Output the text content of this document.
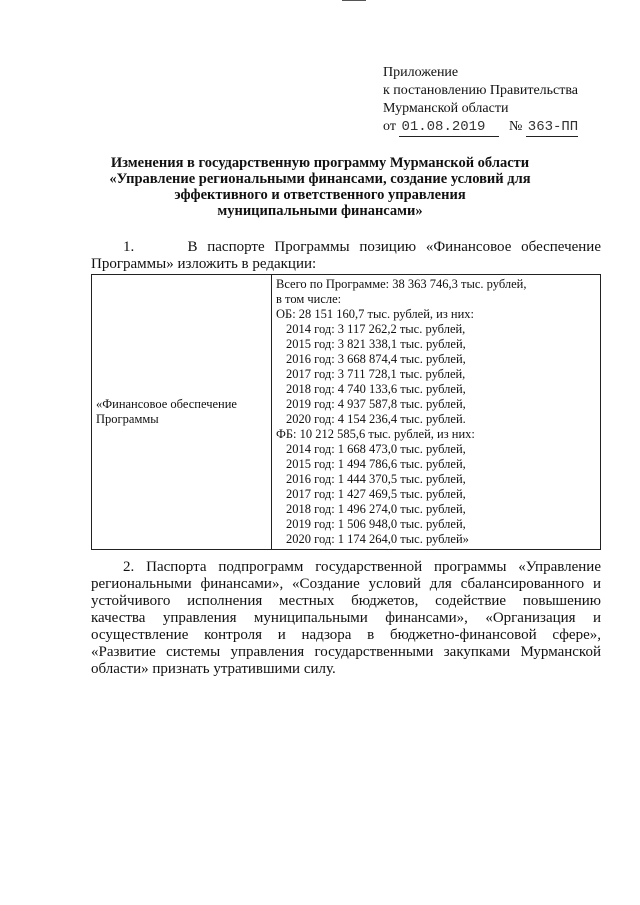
Приложение
к постановлению Правительства
Мурманской области
от 01.08.2019 № 363-ПП
Изменения в государственную программу Мурманской области
«Управление региональными финансами, создание условий для
эффективного и ответственного управления
муниципальными финансами»
1.	В паспорте Программы позицию «Финансовое обеспечение
Программы» изложить в редакции:
«Финансовое обеспечение
Программы

Всего по Программе: 38 363 746,3 тыс. рублей,
в том числе:
ОБ: 28 151 160,7 тыс. рублей, из них:
2014 год: 3 117 262,2 тыс. рублей,
2015 год: 3 821 338,1 тыс. рублей,
2016 год: 3 668 874,4 тыс. рублей,
2017 год: 3 711 728,1 тыс. рублей,
2018 год: 4 740 133,6 тыс. рублей,
2019 год: 4 937 587,8 тыс. рублей,
2020 год: 4 154 236,4 тыс. рублей.
ФБ: 10 212 585,6 тыс. рублей, из них:
2014 год: 1 668 473,0 тыс. рублей,
2015 год: 1 494 786,6 тыс. рублей,
2016 год: 1 444 370,5 тыс. рублей,
2017 год: 1 427 469,5 тыс. рублей,
2018 год: 1 496 274,0 тыс. рублей,
2019 год: 1 506 948,0 тыс. рублей,
2020 год: 1 174 264,0 тыс. рублей»
2. Паспорта подпрограмм государственной программы «Управление
региональными финансами», «Создание условий для сбалансированного и
устойчивого исполнения местных бюджетов, содействие повышению
качества управления муниципальными финансами», «Организация и
осуществление контроля и надзора в бюджетно-финансовой сфере»,
«Развитие системы управления государственными закупками Мурманской
области» признать утратившими силу.
